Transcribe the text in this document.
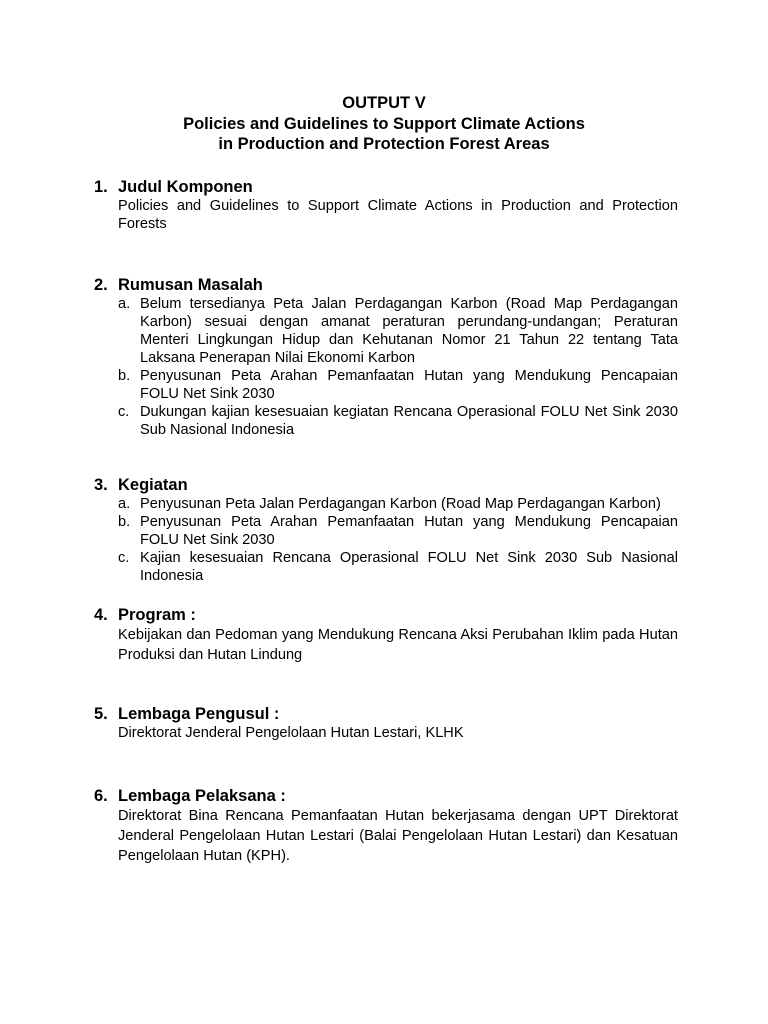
OUTPUT V
Policies and Guidelines to Support Climate Actions
in Production and Protection Forest Areas
1. Judul Komponen
Policies and Guidelines to Support Climate Actions in Production and Protection Forests
2. Rumusan Masalah
a. Belum tersedianya Peta Jalan Perdagangan Karbon (Road Map Perdagangan Karbon) sesuai dengan amanat peraturan perundang-undangan; Peraturan Menteri Lingkungan Hidup dan Kehutanan Nomor 21 Tahun 22 tentang Tata Laksana Penerapan Nilai Ekonomi Karbon
b. Penyusunan Peta Arahan Pemanfaatan Hutan yang Mendukung Pencapaian FOLU Net Sink 2030
c. Dukungan kajian kesesuaian kegiatan Rencana Operasional FOLU Net Sink 2030 Sub Nasional Indonesia
3. Kegiatan
a. Penyusunan Peta Jalan Perdagangan Karbon (Road Map Perdagangan Karbon)
b. Penyusunan Peta Arahan Pemanfaatan Hutan yang Mendukung Pencapaian FOLU Net Sink 2030
c. Kajian kesesuaian Rencana Operasional FOLU Net Sink 2030 Sub Nasional Indonesia
4. Program :
Kebijakan dan Pedoman yang Mendukung Rencana Aksi Perubahan Iklim pada Hutan Produksi dan Hutan Lindung
5. Lembaga Pengusul :
Direktorat Jenderal Pengelolaan Hutan Lestari, KLHK
6. Lembaga Pelaksana :
Direktorat Bina Rencana Pemanfaatan Hutan bekerjasama dengan UPT Direktorat Jenderal Pengelolaan Hutan Lestari (Balai Pengelolaan Hutan Lestari) dan Kesatuan Pengelolaan Hutan (KPH).
